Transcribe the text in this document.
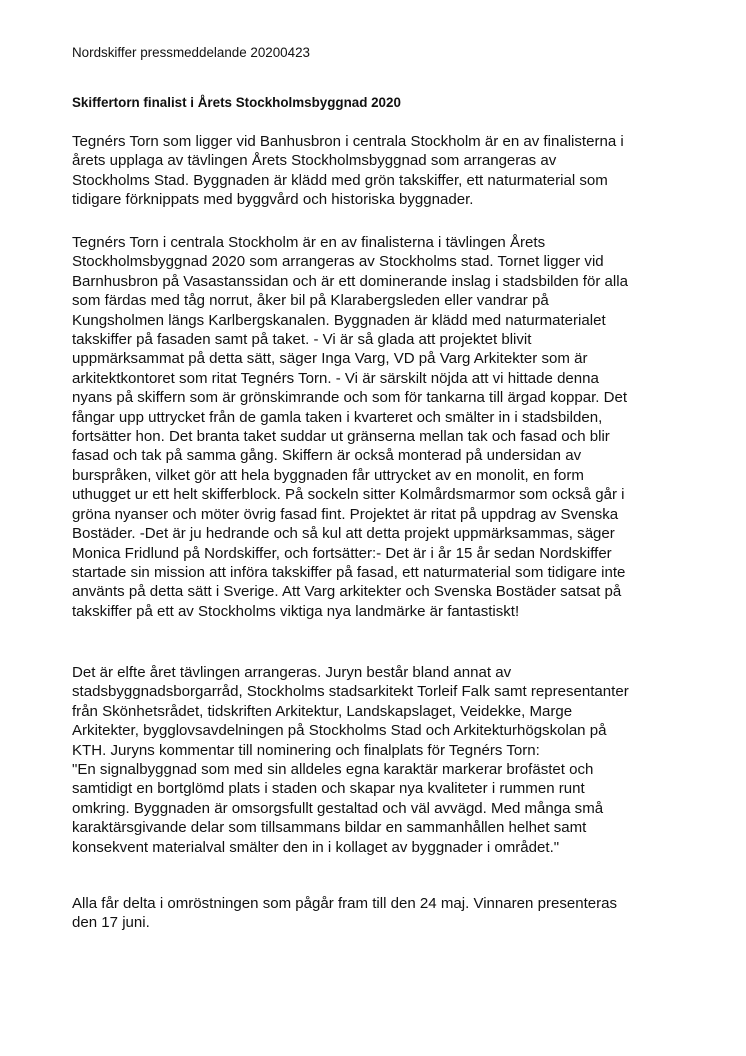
Nordskiffer pressmeddelande 20200423

Skiffertorn finalist i Årets Stockholmsbyggnad 2020

Tegnérs Torn som ligger vid Banhusbron i centrala Stockholm är en av finalisterna i
årets upplaga av tävlingen Årets Stockholmsbyggnad som arrangeras av
Stockholms Stad. Byggnaden är klädd med grön takskiffer, ett naturmaterial som
tidigare förknippats med byggvård och historiska byggnader.

Tegnérs Torn i centrala Stockholm är en av finalisterna i tävlingen Årets
Stockholmsbyggnad 2020 som arrangeras av Stockholms stad. Tornet ligger vid
Barnhusbron på Vasastanssidan och är ett dominerande inslag i stadsbilden för alla
som färdas med tåg norrut, åker bil på Klarabergsleden eller vandrar på
Kungsholmen längs Karlbergskanalen. Byggnaden är klädd med naturmaterialet
takskiffer på fasaden samt på taket. - Vi är så glada att projektet blivit
uppmärksammat på detta sätt, säger Inga Varg, VD på Varg Arkitekter som är
arkitektkontoret som ritat Tegnérs Torn. - Vi är särskilt nöjda att vi hittade denna
nyans på skiffern som är grönskimrande och som för tankarna till ärgad koppar. Det
fångar upp uttrycket från de gamla taken i kvarteret och smälter in i stadsbilden,
fortsätter hon. Det branta taket suddar ut gränserna mellan tak och fasad och blir
fasad och tak på samma gång. Skiffern är också monterad på undersidan av
burspråken, vilket gör att hela byggnaden får uttrycket av en monolit, en form
uthugget ur ett helt skifferblock. På sockeln sitter Kolmårdsmarmor som också går i
gröna nyanser och möter övrig fasad fint. Projektet är ritat på uppdrag av Svenska
Bostäder. -Det är ju hedrande och så kul att detta projekt uppmärksammas, säger
Monica Fridlund på Nordskiffer, och fortsätter:- Det är i år 15 år sedan Nordskiffer
startade sin mission att införa takskiffer på fasad, ett naturmaterial som tidigare inte
använts på detta sätt i Sverige. Att Varg arkitekter och Svenska Bostäder satsat på
takskiffer på ett av Stockholms viktiga nya landmärke är fantastiskt!

Det är elfte året tävlingen arrangeras. Juryn består bland annat av
stadsbyggnadsborgarråd, Stockholms stadsarkitekt Torleif Falk samt representanter
från Skönhetsrådet, tidskriften Arkitektur, Landskapslaget, Veidekke, Marge
Arkitekter, bygglovsavdelningen på Stockholms Stad och Arkitekturhögskolan på
KTH. Juryns kommentar till nominering och finalplats för Tegnérs Torn:
"En signalbyggnad som med sin alldeles egna karaktär markerar brofästet och
samtidigt en bortglömd plats i staden och skapar nya kvaliteter i rummen runt
omkring. Byggnaden är omsorgsfullt gestaltad och väl avvägd. Med många små
karaktärsgivande delar som tillsammans bildar en sammanhållen helhet samt
konsekvent materialval smälter den in i kollaget av byggnader i området."

Alla får delta i omröstningen som pågår fram till den 24 maj. Vinnaren presenteras
den 17 juni.
